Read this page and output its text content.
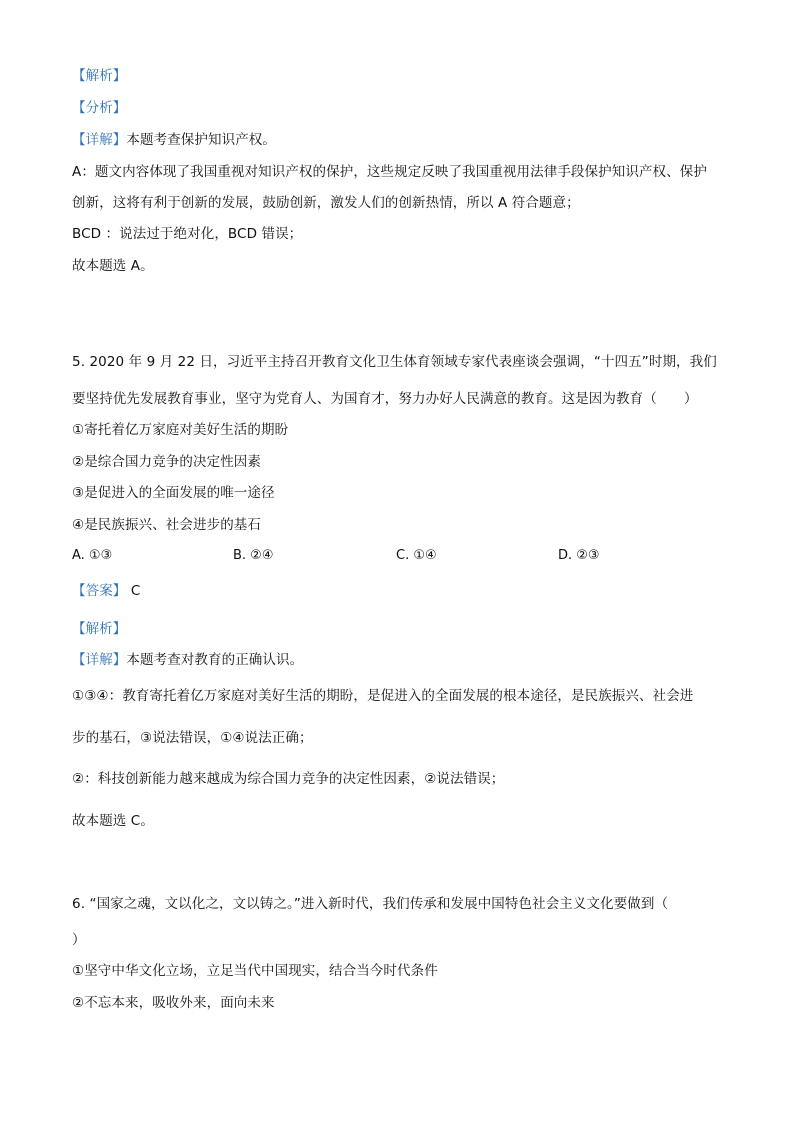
【解析】
【分析】
【详解】本题考查保护知识产权。
A：题文内容体现了我国重视对知识产权的保护，这些规定反映了我国重视用法律手段保护知识产权、保护
创新，这将有利于创新的发展，鼓励创新，激发人们的创新热情，所以 A 符合题意；
BCD ：说法过于绝对化，BCD 错误；
故本题选 A。
5. 2020 年 9 月 22 日，习近平主持召开教育文化卫生体育领域专家代表座谈会强调，“十四五”时期，我们
要坚持优先发展教育事业，坚守为党育人、为国育才，努力办好人民满意的教育。这是因为教育（　　）
①寄托着亿万家庭对美好生活的期盼
②是综合国力竞争的决定性因素
③是促进入的全面发展的唯一途径
④是民族振兴、社会进步的基石
A. ①③	B. ②④	C. ①④	D. ②③
【答案】 C
【解析】
【详解】本题考查对教育的正确认识。
①③④：教育寄托着亿万家庭对美好生活的期盼，是促进入的全面发展的根本途径，是民族振兴、社会进
步的基石，③说法错误，①④说法正确；
②：科技创新能力越来越成为综合国力竞争的决定性因素，②说法错误；
故本题选 C。
6. “国家之魂，文以化之，文以铸之。”进入新时代，我们传承和发展中国特色社会主义文化要做到（
）
①坚守中华文化立场，立足当代中国现实，结合当今时代条件
②不忘本来，吸收外来，面向未来
